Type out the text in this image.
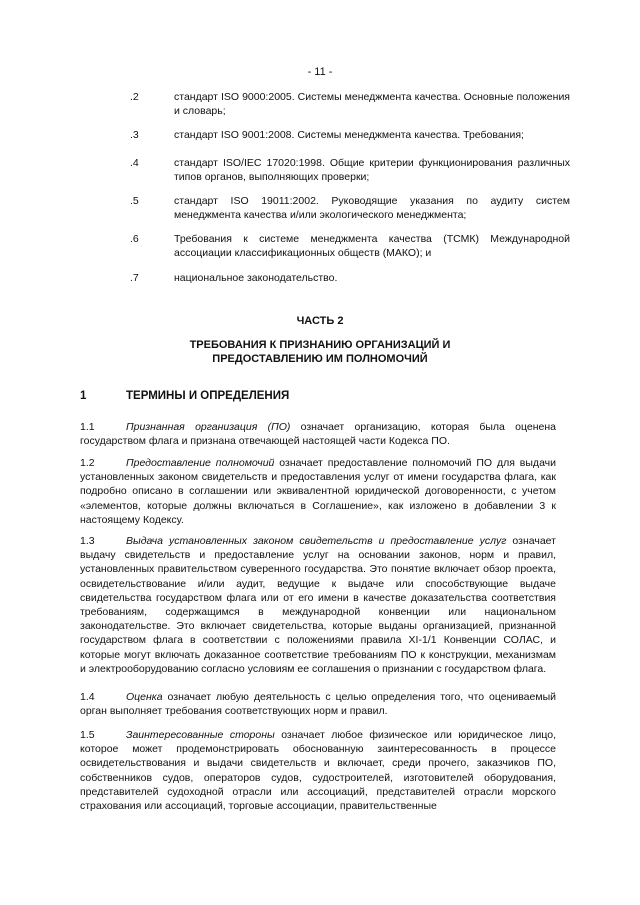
- 11 -
.2	стандарт ISO 9000:2005. Системы менеджмента качества. Основные положения и словарь;
.3	стандарт ISO 9001:2008. Системы менеджмента качества. Требования;
.4	стандарт ISO/IEC 17020:1998. Общие критерии функционирования различных типов органов, выполняющих проверки;
.5	стандарт ISO 19011:2002. Руководящие указания по аудиту систем менеджмента качества и/или экологического менеджмента;
.6	Требования к системе менеджмента качества (ТСМК) Международной ассоциации классификационных обществ (МАКО); и
.7	национальное законодательство.
ЧАСТЬ 2
ТРЕБОВАНИЯ К ПРИЗНАНИЮ ОРГАНИЗАЦИЙ И
ПРЕДОСТАВЛЕНИЮ ИМ ПОЛНОМОЧИЙ
1	ТЕРМИНЫ И ОПРЕДЕЛЕНИЯ
1.1	Признанная организация (ПО) означает организацию, которая была оценена государством флага и признана отвечающей настоящей части Кодекса ПО.
1.2	Предоставление полномочий означает предоставление полномочий ПО для выдачи установленных законом свидетельств и предоставления услуг от имени государства флага, как подробно описано в соглашении или эквивалентной юридической договоренности, с учетом «элементов, которые должны включаться в Соглашение», как изложено в добавлении 3 к настоящему Кодексу.
1.3	Выдача установленных законом свидетельств и предоставление услуг означает выдачу свидетельств и предоставление услуг на основании законов, норм и правил, установленных правительством суверенного государства. Это понятие включает обзор проекта, освидетельствование и/или аудит, ведущие к выдаче или способствующие выдаче свидетельства государством флага или от его имени в качестве доказательства соответствия требованиям, содержащимся в международной конвенции или национальном законодательстве. Это включает свидетельства, которые выданы организацией, признанной государством флага в соответствии с положениями правила XI-1/1 Конвенции СОЛАС, и которые могут включать доказанное соответствие требованиям ПО к конструкции, механизмам и электрооборудованию согласно условиям ее соглашения о признании с государством флага.
1.4	Оценка означает любую деятельность с целью определения того, что оцениваемый орган выполняет требования соответствующих норм и правил.
1.5	Заинтересованные стороны означает любое физическое или юридическое лицо, которое может продемонстрировать обоснованную заинтересованность в процессе освидетельствования и выдачи свидетельств и включает, среди прочего, заказчиков ПО, собственников судов, операторов судов, судостроителей, изготовителей оборудования, представителей судоходной отрасли или ассоциаций, представителей отрасли морского страхования или ассоциаций, торговые ассоциации, правительственные
